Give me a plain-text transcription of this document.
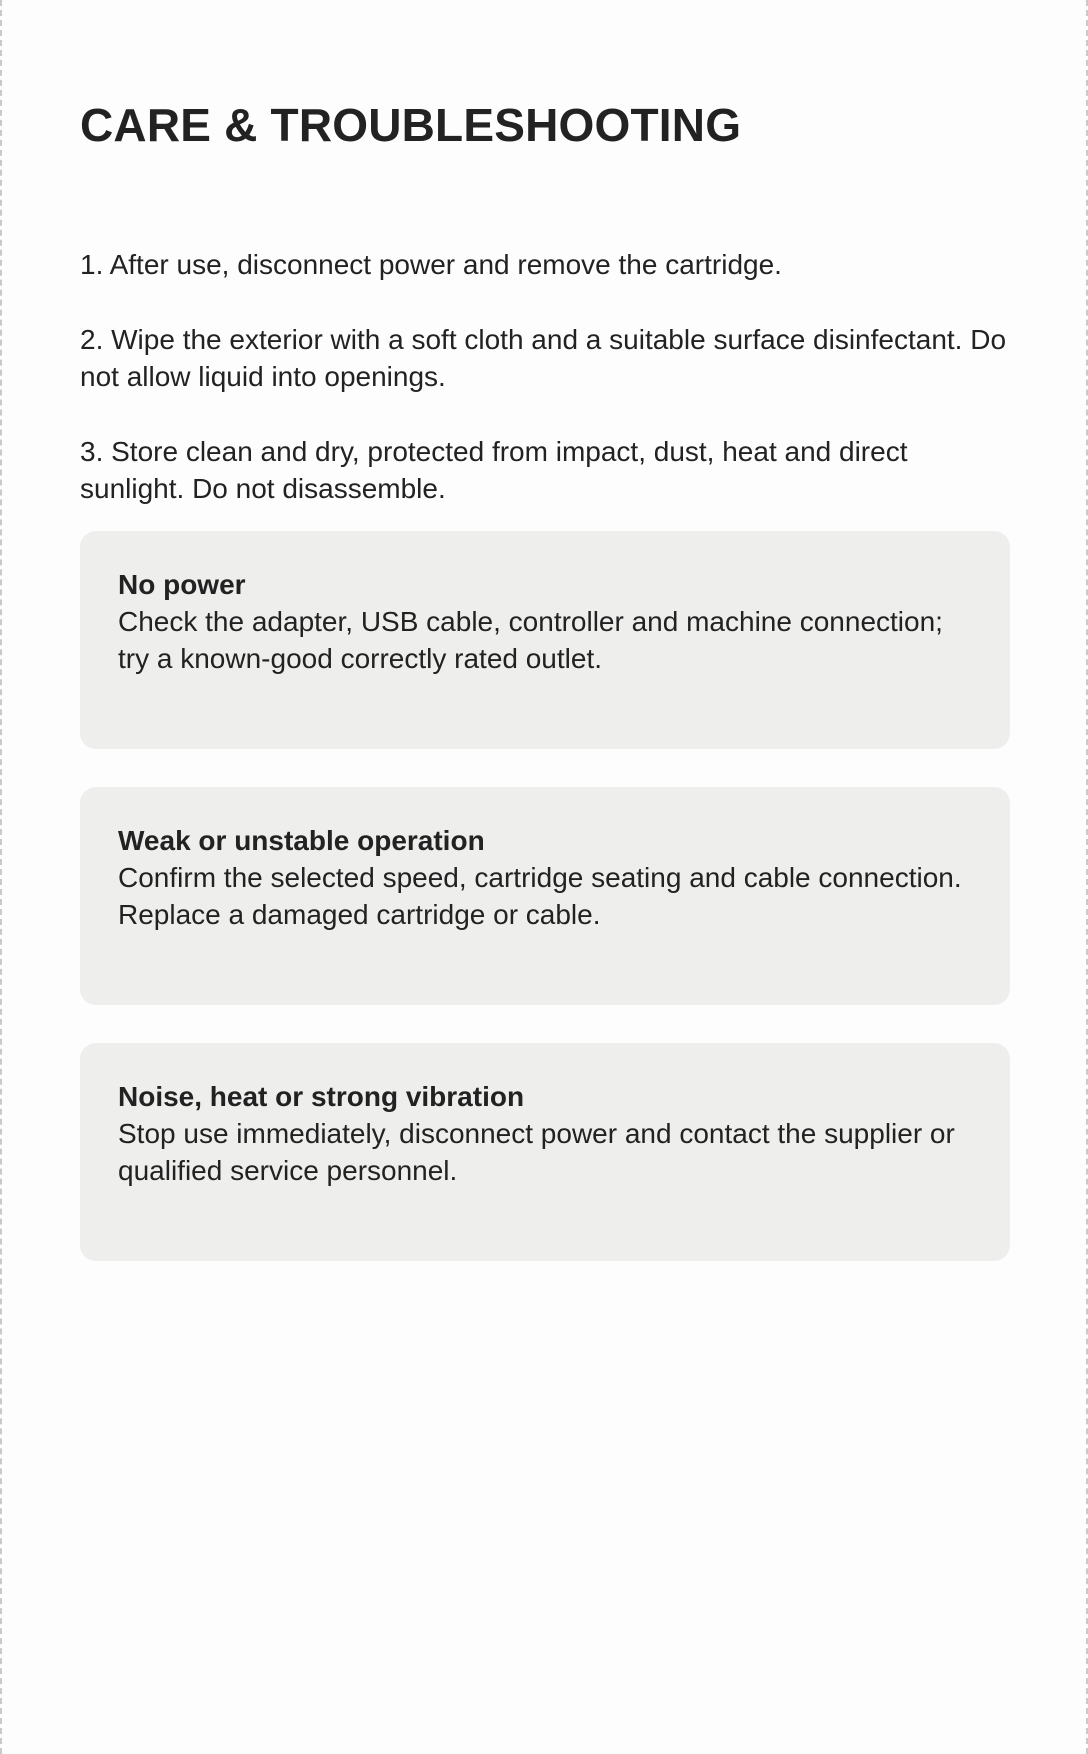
CARE & TROUBLESHOOTING
1. After use, disconnect power and remove the cartridge.
2. Wipe the exterior with a soft cloth and a suitable surface disinfectant. Do not allow liquid into openings.
3. Store clean and dry, protected from impact, dust, heat and direct sunlight. Do not disassemble.
No power
Check the adapter, USB cable, controller and machine connection; try a known-good correctly rated outlet.
Weak or unstable operation
Confirm the selected speed, cartridge seating and cable connection. Replace a damaged cartridge or cable.
Noise, heat or strong vibration
Stop use immediately, disconnect power and contact the supplier or qualified service personnel.
